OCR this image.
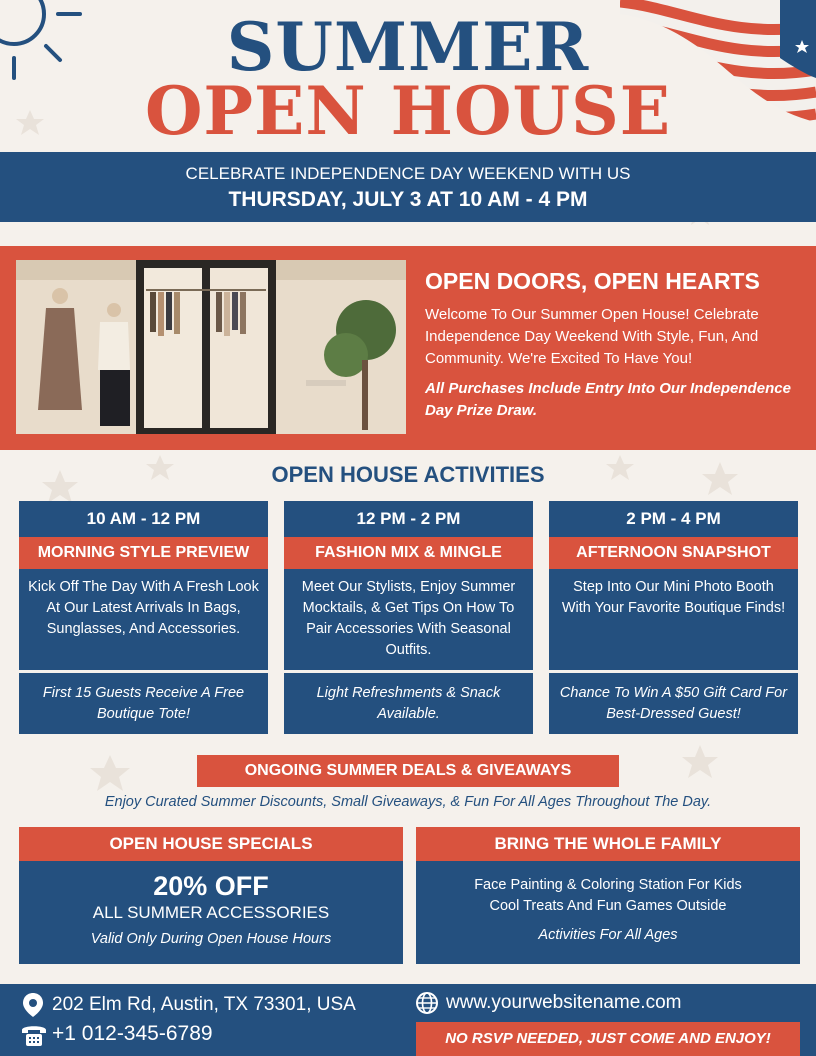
SUMMER
OPEN HOUSE
CELEBRATE INDEPENDENCE DAY WEEKEND WITH US
THURSDAY, JULY 3 AT 10 AM - 4 PM
OPEN DOORS, OPEN HEARTS
Welcome To Our Summer Open House! Celebrate Independence Day Weekend With Style, Fun, And Community. We're Excited To Have You!
All Purchases Include Entry Into Our Independence Day Prize Draw.
OPEN HOUSE ACTIVITIES
10 AM - 12 PM
MORNING STYLE PREVIEW
Kick Off The Day With A Fresh Look At Our Latest Arrivals In Bags, Sunglasses, And Accessories.
First 15 Guests Receive A Free Boutique Tote!
12 PM - 2 PM
FASHION MIX & MINGLE
Meet Our Stylists, Enjoy Summer Mocktails, & Get Tips On How To Pair Accessories With Seasonal Outfits.
Light Refreshments & Snack Available.
2 PM - 4 PM
AFTERNOON SNAPSHOT
Step Into Our Mini Photo Booth With Your Favorite Boutique Finds!
Chance To Win A $50 Gift Card For Best-Dressed Guest!
ONGOING SUMMER DEALS & GIVEAWAYS
Enjoy Curated Summer Discounts, Small Giveaways, & Fun For All Ages Throughout The Day.
OPEN HOUSE SPECIALS
20% OFF
ALL SUMMER ACCESSORIES
Valid Only During Open House Hours
BRING THE WHOLE FAMILY
Face Painting & Coloring Station For Kids
Cool Treats And Fun Games Outside
Activities For All Ages
202 Elm Rd, Austin, TX 73301, USA
+1 012-345-6789
www.yourwebsitename.com
NO RSVP NEEDED, JUST COME AND ENJOY!
